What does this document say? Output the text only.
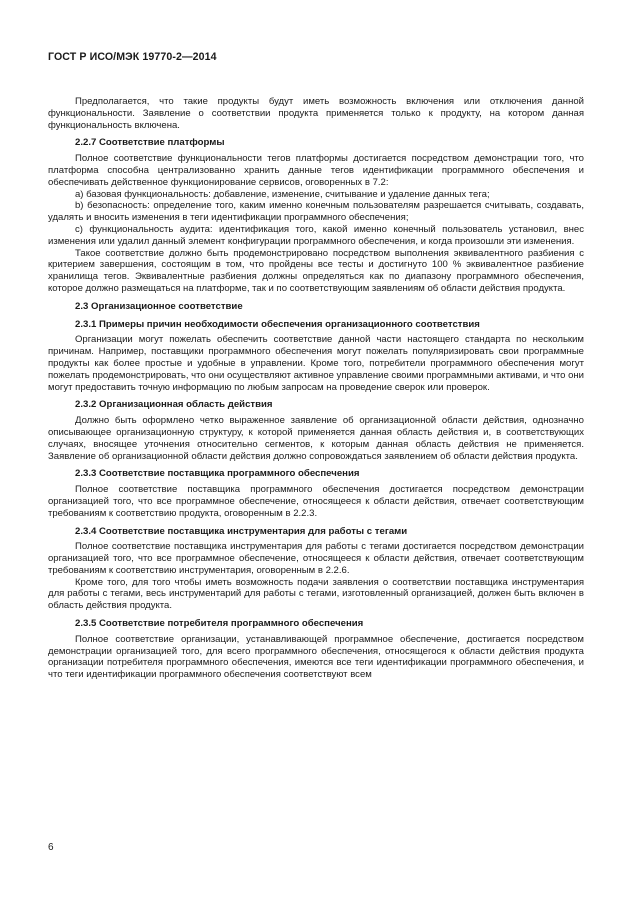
ГОСТ Р ИСО/МЭК 19770-2—2014

Предполагается, что такие продукты будут иметь возможность включения или отключения данной функциональности. Заявление о соответствии продукта применяется только к продукту, на котором данная функциональность включена.

2.2.7 Соответствие платформы

Полное соответствие функциональности тегов платформы достигается посредством демонстрации того, что платформа способна централизованно хранить данные тегов идентификации программного обеспечения и обеспечивать действенное функционирование сервисов, оговоренных в 7.2:

а) базовая функциональность: добавление, изменение, считывание и удаление данных тега;

b) безопасность: определение того, каким именно конечным пользователям разрешается считывать, создавать, удалять и вносить изменения в теги идентификации программного обеспечения;

с) функциональность аудита: идентификация того, какой именно конечный пользователь установил, внес изменения или удалил данный элемент конфигурации программного обеспечения, и когда произошли эти изменения.

Такое соответствие должно быть продемонстрировано посредством выполнения эквивалентного разбиения с критерием завершения, состоящим в том, что пройдены все тесты и достигнуто 100 % эквивалентное разбиение хранилища тегов. Эквивалентные разбиения должны определяться как по диапазону программного обеспечения, которое должно размещаться на платформе, так и по соответствующим заявлениям об области действия продукта.

2.3 Организационное соответствие
2.3.1 Примеры причин необходимости обеспечения организационного соответствия

Организации могут пожелать обеспечить соответствие данной части настоящего стандарта по нескольким причинам. Например, поставщики программного обеспечения могут пожелать популяризировать свои программные продукты как более простые и удобные в управлении. Кроме того, потребители программного обеспечения могут пожелать продемонстрировать, что они осуществляют активное управление своими программными активами, и что они могут предоставить точную информацию по любым запросам на проведение сверок или проверок.

2.3.2 Организационная область действия

Должно быть оформлено четко выраженное заявление об организационной области действия, однозначно описывающее организационную структуру, к которой применяется данная область действия и, в соответствующих случаях, вносящее уточнения относительно сегментов, к которым данная область действия не применяется. Заявление об организационной области действия должно сопровождаться заявлением об области действия продукта.

2.3.3 Соответствие поставщика программного обеспечения

Полное соответствие поставщика программного обеспечения достигается посредством демонстрации организацией того, что все программное обеспечение, относящееся к области действия, отвечает соответствующим требованиям к соответствию продукта, оговоренным в 2.2.3.

2.3.4 Соответствие поставщика инструментария для работы с тегами

Полное соответствие поставщика инструментария для работы с тегами достигается посредством демонстрации организацией того, что все программное обеспечение, относящееся к области действия, отвечает соответствующим требованиям к соответствию инструментария, оговоренным в 2.2.6.

Кроме того, для того чтобы иметь возможность подачи заявления о соответствии поставщика инструментария для работы с тегами, весь инструментарий для работы с тегами, изготовленный организацией, должен быть включен в область действия продукта.

2.3.5 Соответствие потребителя программного обеспечения

Полное соответствие организации, устанавливающей программное обеспечение, достигается посредством демонстрации организацией того, для всего программного обеспечения, относящегося к области действия продукта организации потребителя программного обеспечения, имеются все теги идентификации программного обеспечения, и что теги идентификации программного обеспечения соответствуют всем

6
